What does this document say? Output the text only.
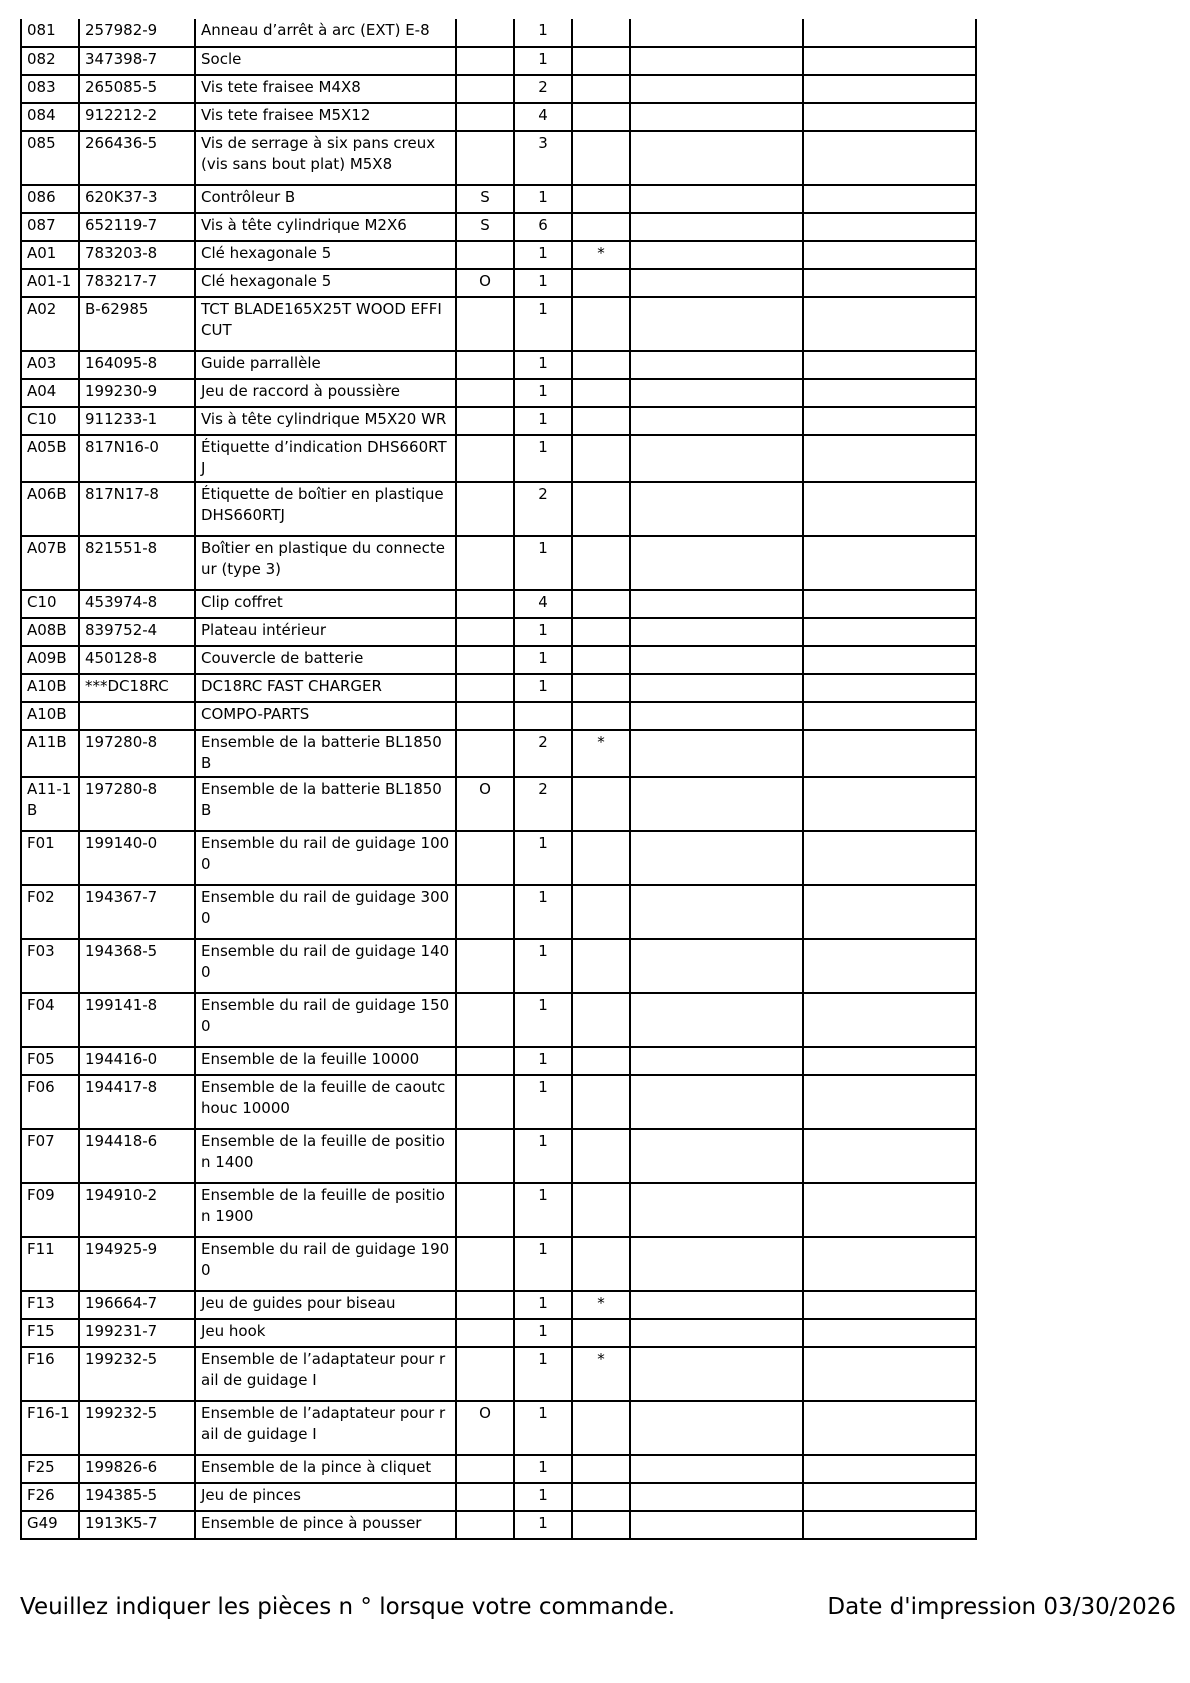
081	257982-9	Anneau d’arrêt à arc (EXT) E-8		1			
082	347398-7	Socle		1			
083	265085-5	Vis tete fraisee M4X8		2			
084	912212-2	Vis tete fraisee M5X12		4			
085	266436-5	Vis de serrage à six pans creux (vis sans bout plat) M5X8		3			
086	620K37-3	Contrôleur B	S	1			
087	652119-7	Vis à tête cylindrique M2X6	S	6			
A01	783203-8	Clé hexagonale 5		1	*		
A01-1	783217-7	Clé hexagonale 5	O	1			
A02	B-62985	TCT BLADE165X25T WOOD EFFICUT		1			
A03	164095-8	Guide parrallèle		1			
A04	199230-9	Jeu de raccord à poussière		1			
C10	911233-1	Vis à tête cylindrique M5X20 WR		1			
A05B	817N16-0	Étiquette d’indication DHS660RTJ		1			
A06B	817N17-8	Étiquette de boîtier en plastique DHS660RTJ		2			
A07B	821551-8	Boîtier en plastique du connecteur (type 3)		1			
C10	453974-8	Clip coffret		4			
A08B	839752-4	Plateau intérieur		1			
A09B	450128-8	Couvercle de batterie		1			
A10B	***DC18RC	DC18RC FAST CHARGER		1			
A10B		COMPO-PARTS					
A11B	197280-8	Ensemble de la batterie BL1850B		2	*		
A11-1B	197280-8	Ensemble de la batterie BL1850B	O	2			
F01	199140-0	Ensemble du rail de guidage 1000		1			
F02	194367-7	Ensemble du rail de guidage 3000		1			
F03	194368-5	Ensemble du rail de guidage 1400		1			
F04	199141-8	Ensemble du rail de guidage 1500		1			
F05	194416-0	Ensemble de la feuille 10000		1			
F06	194417-8	Ensemble de la feuille de caoutchouc 10000		1			
F07	194418-6	Ensemble de la feuille de position 1400		1			
F09	194910-2	Ensemble de la feuille de position 1900		1			
F11	194925-9	Ensemble du rail de guidage 1900		1			
F13	196664-7	Jeu de guides pour biseau		1	*		
F15	199231-7	Jeu hook		1			
F16	199232-5	Ensemble de l’adaptateur pour rail de guidage I		1	*		
F16-1	199232-5	Ensemble de l’adaptateur pour rail de guidage I	O	1			
F25	199826-6	Ensemble de la pince à cliquet		1			
F26	194385-5	Jeu de pinces		1			
G49	1913K5-7	Ensemble de pince à pousser		1			
Veuillez indiquer les pièces n ° lorsque votre commande.	Date d'impression 03/30/2026
